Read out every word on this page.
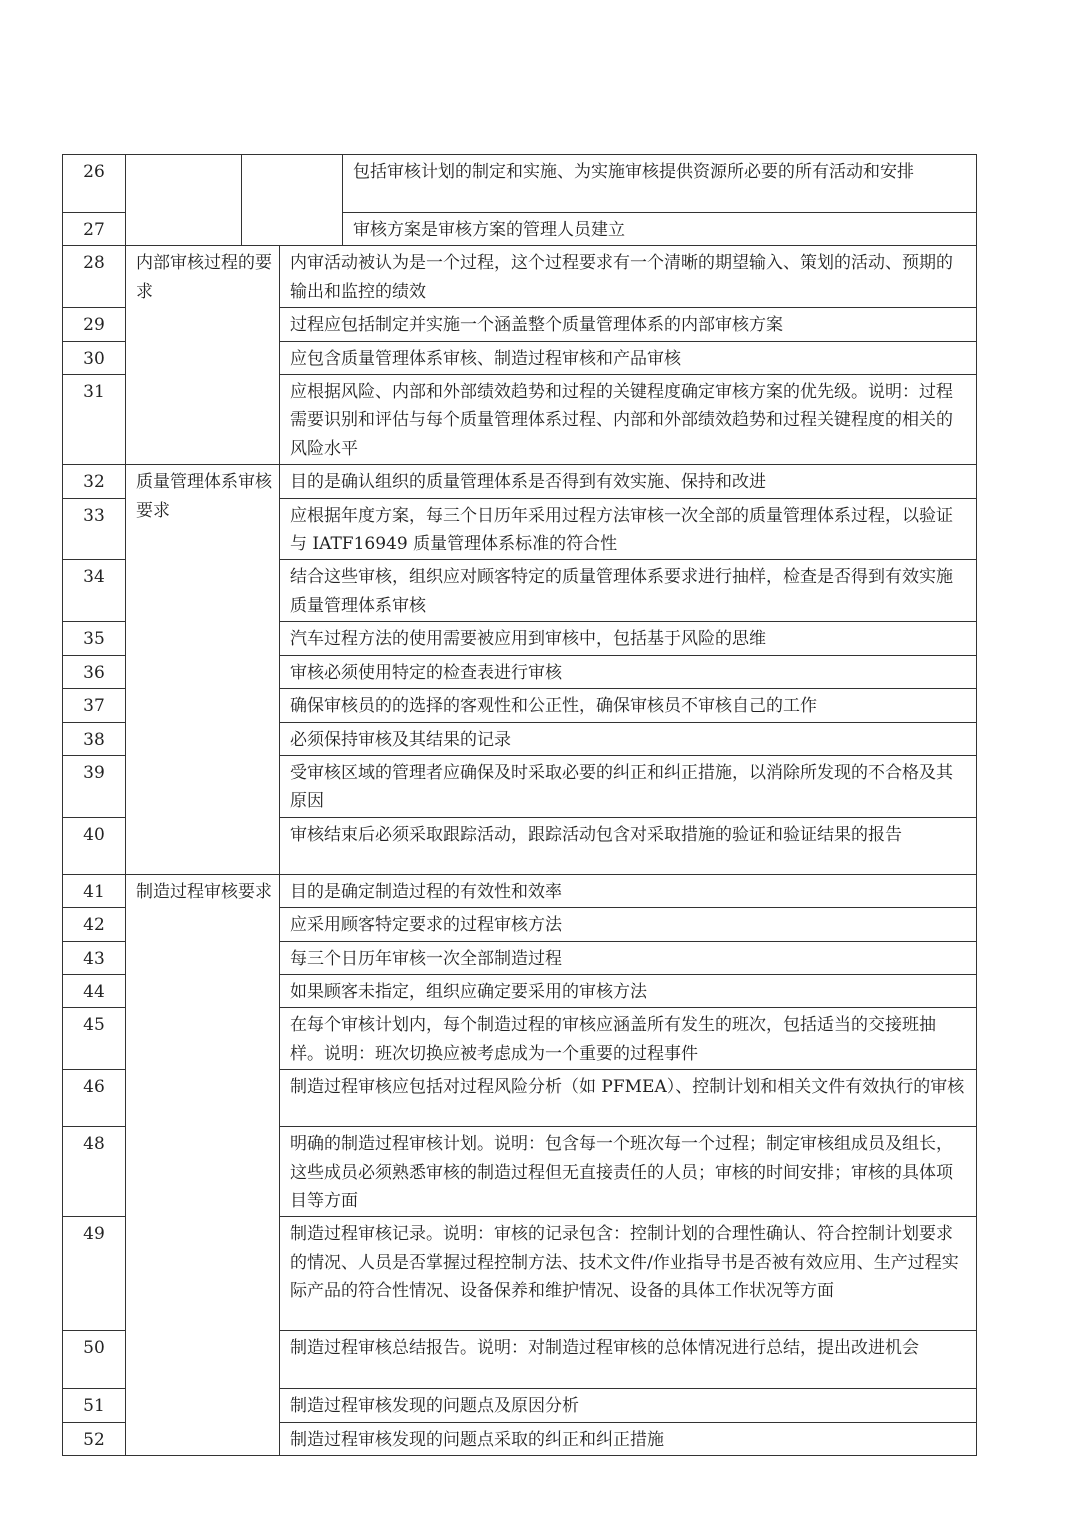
26				包括审核计划的制定和实施、为实施审核提供资源所必要的所有活动和安排
27				审核方案是审核方案的管理人员建立
28	内部审核过程的要求		内审活动被认为是一个过程，这个过程要求有一个清晰的期望输入、策划的活动、预期的输出和监控的绩效	
29			过程应包括制定并实施一个涵盖整个质量管理体系的内部审核方案	
30			应包含质量管理体系审核、制造过程审核和产品审核	
31			应根据风险、内部和外部绩效趋势和过程的关键程度确定审核方案的优先级。说明：过程需要识别和评估与每个质量管理体系过程、内部和外部绩效趋势和过程关键程度的相关的风险水平	
32	质量管理体系审核要求		目的是确认组织的质量管理体系是否得到有效实施、保持和改进	
33			应根据年度方案，每三个日历年采用过程方法审核一次全部的质量管理体系过程，以验证与 IATF16949 质量管理体系标准的符合性	
34			结合这些审核，组织应对顾客特定的质量管理体系要求进行抽样，检查是否得到有效实施质量管理体系审核	
35			汽车过程方法的使用需要被应用到审核中，包括基于风险的思维	
36			审核必须使用特定的检查表进行审核	
37			确保审核员的的选择的客观性和公正性，确保审核员不审核自己的工作	
38			必须保持审核及其结果的记录	
39			受审核区域的管理者应确保及时采取必要的纠正和纠正措施，以消除所发现的不合格及其原因	
40			审核结束后必须采取跟踪活动，跟踪活动包含对采取措施的验证和验证结果的报告	
41	制造过程审核要求		目的是确定制造过程的有效性和效率	
42			应采用顾客特定要求的过程审核方法	
43			每三个日历年审核一次全部制造过程	
44			如果顾客未指定，组织应确定要采用的审核方法	
45			在每个审核计划内，每个制造过程的审核应涵盖所有发生的班次，包括适当的交接班抽样。说明：班次切换应被考虑成为一个重要的过程事件	
46			制造过程审核应包括对过程风险分析（如 PFMEA）、控制计划和相关文件有效执行的审核	
48			明确的制造过程审核计划。说明：包含每一个班次每一个过程；制定审核组成员及组长，这些成员必须熟悉审核的制造过程但无直接责任的人员；审核的时间安排；审核的具体项目等方面	
49			制造过程审核记录。说明：审核的记录包含：控制计划的合理性确认、符合控制计划要求的情况、人员是否掌握过程控制方法、技术文件/作业指导书是否被有效应用、生产过程实际产品的符合性情况、设备保养和维护情况、设备的具体工作状况等方面	
50			制造过程审核总结报告。说明：对制造过程审核的总体情况进行总结，提出改进机会	
51			制造过程审核发现的问题点及原因分析	
52			制造过程审核发现的问题点采取的纠正和纠正措施	
